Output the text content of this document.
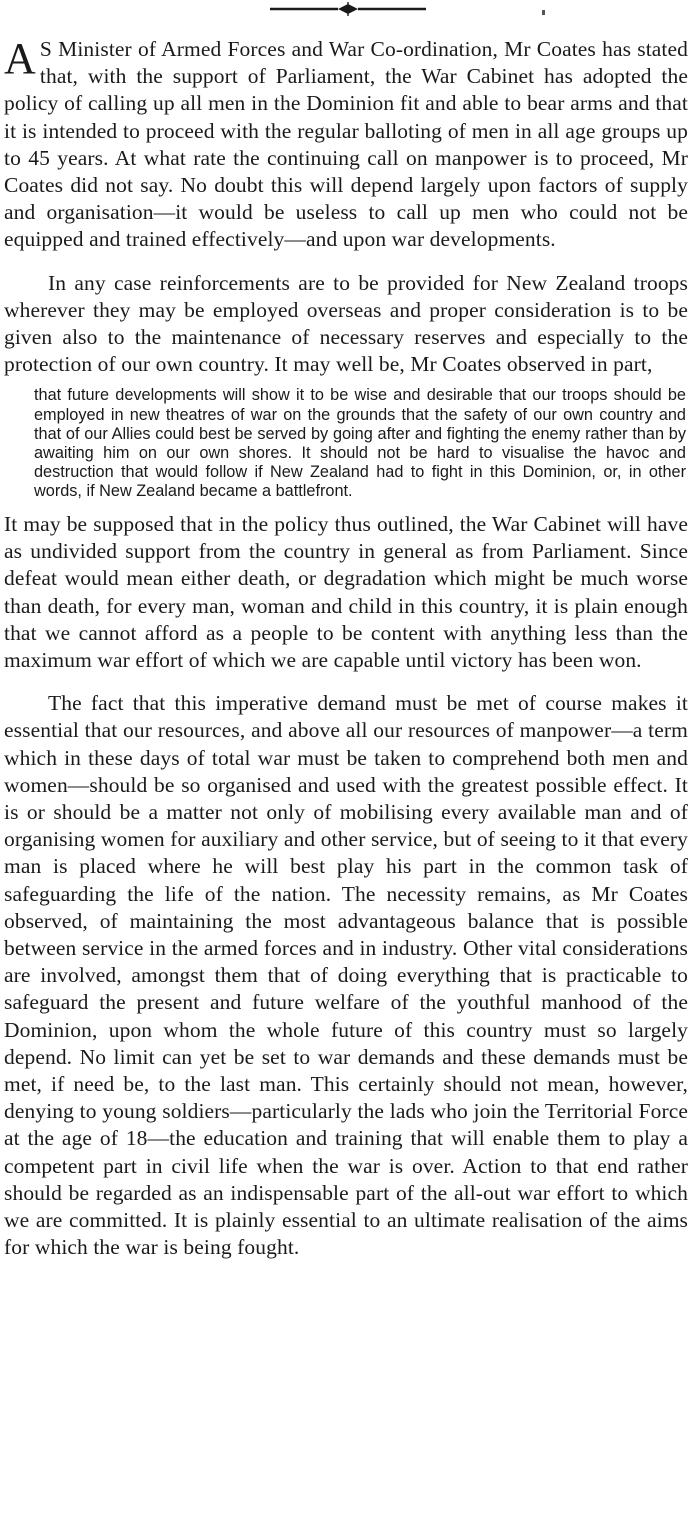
A S Minister of Armed Forces and War Co-ordination, Mr Coates has stated that, with the support of Parliament, the War Cabinet has adopted the policy of calling up all men in the Dominion fit and able to bear arms and that it is intended to proceed with the regular balloting of men in all age groups up to 45 years. At what rate the continuing call on manpower is to proceed, Mr Coates did not say. No doubt this will depend largely upon factors of supply and organisation—it would be useless to call up men who could not be equipped and trained effectively—and upon war developments.

In any case reinforcements are to be provided for New Zealand troops wherever they may be employed overseas and proper consideration is to be given also to the maintenance of necessary reserves and especially to the protection of our own country. It may well be, Mr Coates observed in part,

that future developments will show it to be wise and desirable that our troops should be employed in new theatres of war on the grounds that the safety of our own country and that of our Allies could best be served by going after and fighting the enemy rather than by awaiting him on our own shores. It should not be hard to visualise the havoc and destruction that would follow if New Zealand had to fight in this Dominion, or, in other words, if New Zealand became a battlefront.

It may be supposed that in the policy thus outlined, the War Cabinet will have as undivided support from the country in general as from Parliament. Since defeat would mean either death, or degradation which might be much worse than death, for every man, woman and child in this country, it is plain enough that we cannot afford as a people to be content with anything less than the maximum war effort of which we are capable until victory has been won.

The fact that this imperative demand must be met of course makes it essential that our resources, and above all our resources of manpower—a term which in these days of total war must be taken to comprehend both men and women—should be so organised and used with the greatest possible effect. It is or should be a matter not only of mobilising every available man and of organising women for auxiliary and other service, but of seeing to it that every man is placed where he will best play his part in the common task of safeguarding the life of the nation. The necessity remains, as Mr Coates observed, of maintaining the most advantageous balance that is possible between service in the armed forces and in industry. Other vital considerations are involved, amongst them that of doing everything that is practicable to safeguard the present and future welfare of the youthful manhood of the Dominion, upon whom the whole future of this country must so largely depend. No limit can yet be set to war demands and these demands must be met, if need be, to the last man. This certainly should not mean, however, denying to young soldiers—particularly the lads who join the Territorial Force at the age of 18—the education and training that will enable them to play a competent part in civil life when the war is over. Action to that end rather should be regarded as an indispensable part of the all-out war effort to which we are committed. It is plainly essential to an ultimate realisation of the aims for which the war is being fought.
